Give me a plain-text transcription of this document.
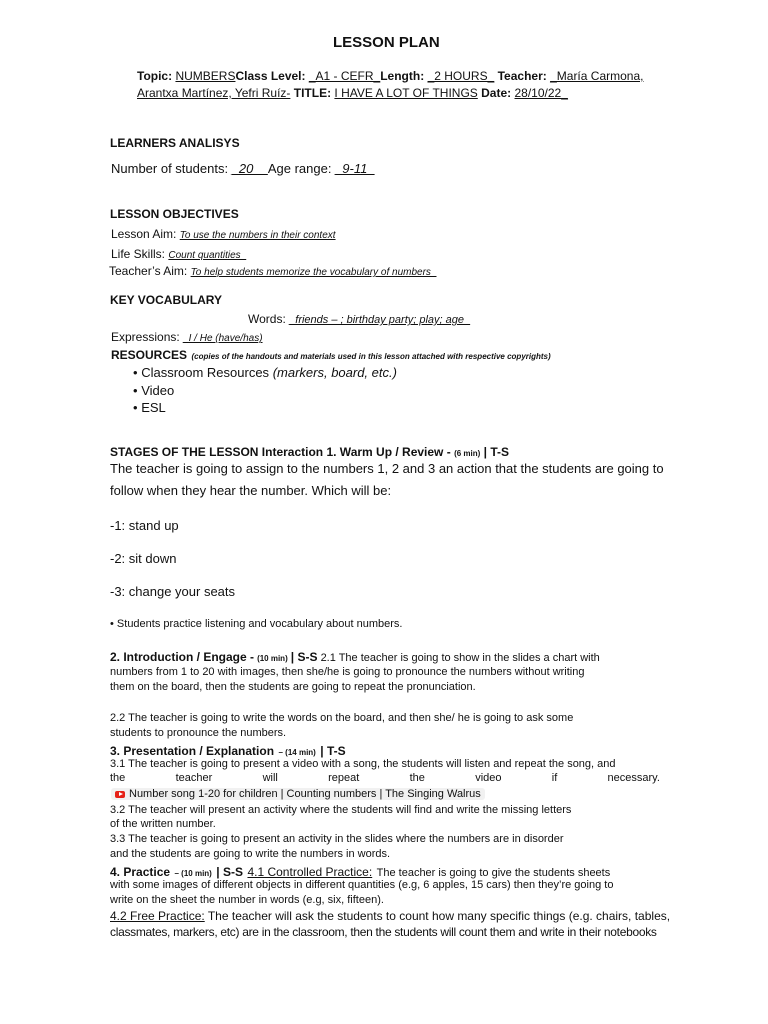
LESSON PLAN
Topic: NUMBERSClass Level: _A1 - CEFR_Length: _2 HOURS_ Teacher: _María Carmona,
Arantxa Martínez, Yefri Ruíz- TITLE: I HAVE A LOT OF THINGS Date: 28/10/22_
LEARNERS ANALISYS
Number of students: _20__Age range: _9-11_
LESSON OBJECTIVES
Lesson Aim: To use the numbers in their context
Life Skills: Count quantities_
Teacher’s Aim: To help students memorize the vocabulary of numbers_
KEY VOCABULARY
Words: _friends – ; birthday party; play; age_
Expressions: _I / He (have/has)
RESOURCES (copies of the handouts and materials used in this lesson attached with respective copyrights)
• Classroom Resources (markers, board, etc.)
• Video
• ESL
STAGES OF THE LESSON Interaction 1. Warm Up / Review - (6 min) | T-S
The teacher is going to assign to the numbers 1, 2 and 3 an action that the students are going to
follow when they hear the number. Which will be:
-1: stand up
-2: sit down
-3: change your seats
• Students practice listening and vocabulary about numbers.
2. Introduction / Engage - (10 min) | S-S 2.1 The teacher is going to show in the slides a chart with
numbers from 1 to 20 with images, then she/he is going to pronounce the numbers without writing
them on the board, then the students are going to repeat the pronunciation.
2.2 The teacher is going to write the words on the board, and then she/ he is going to ask some
students to pronounce the numbers.
3. Presentation / Explanation – (14 min) | T-S
3.1 The teacher is going to present a video with a song, the students will listen and repeat the song, and
the	teacher	will	repeat	the	video	if	necessary.
Number song 1-20 for children | Counting numbers | The Singing Walrus
3.2 The teacher will present an activity where the students will find and write the missing letters
of the written number.
3.3 The teacher is going to present an activity in the slides where the numbers are in disorder
and the students are going to write the numbers in words.
4. Practice – (10 min) | S-S 4.1 Controlled Practice: The teacher is going to give the students sheets
with some images of different objects in different quantities (e.g, 6 apples, 15 cars) then they’re going to
write on the sheet the number in words (e.g, six, fifteen).
4.2 Free Practice: The teacher will ask the students to count how many specific things (e.g. chairs, tables,
classmates, markers, etc) are in the classroom, then the students will count them and write in their notebooks
